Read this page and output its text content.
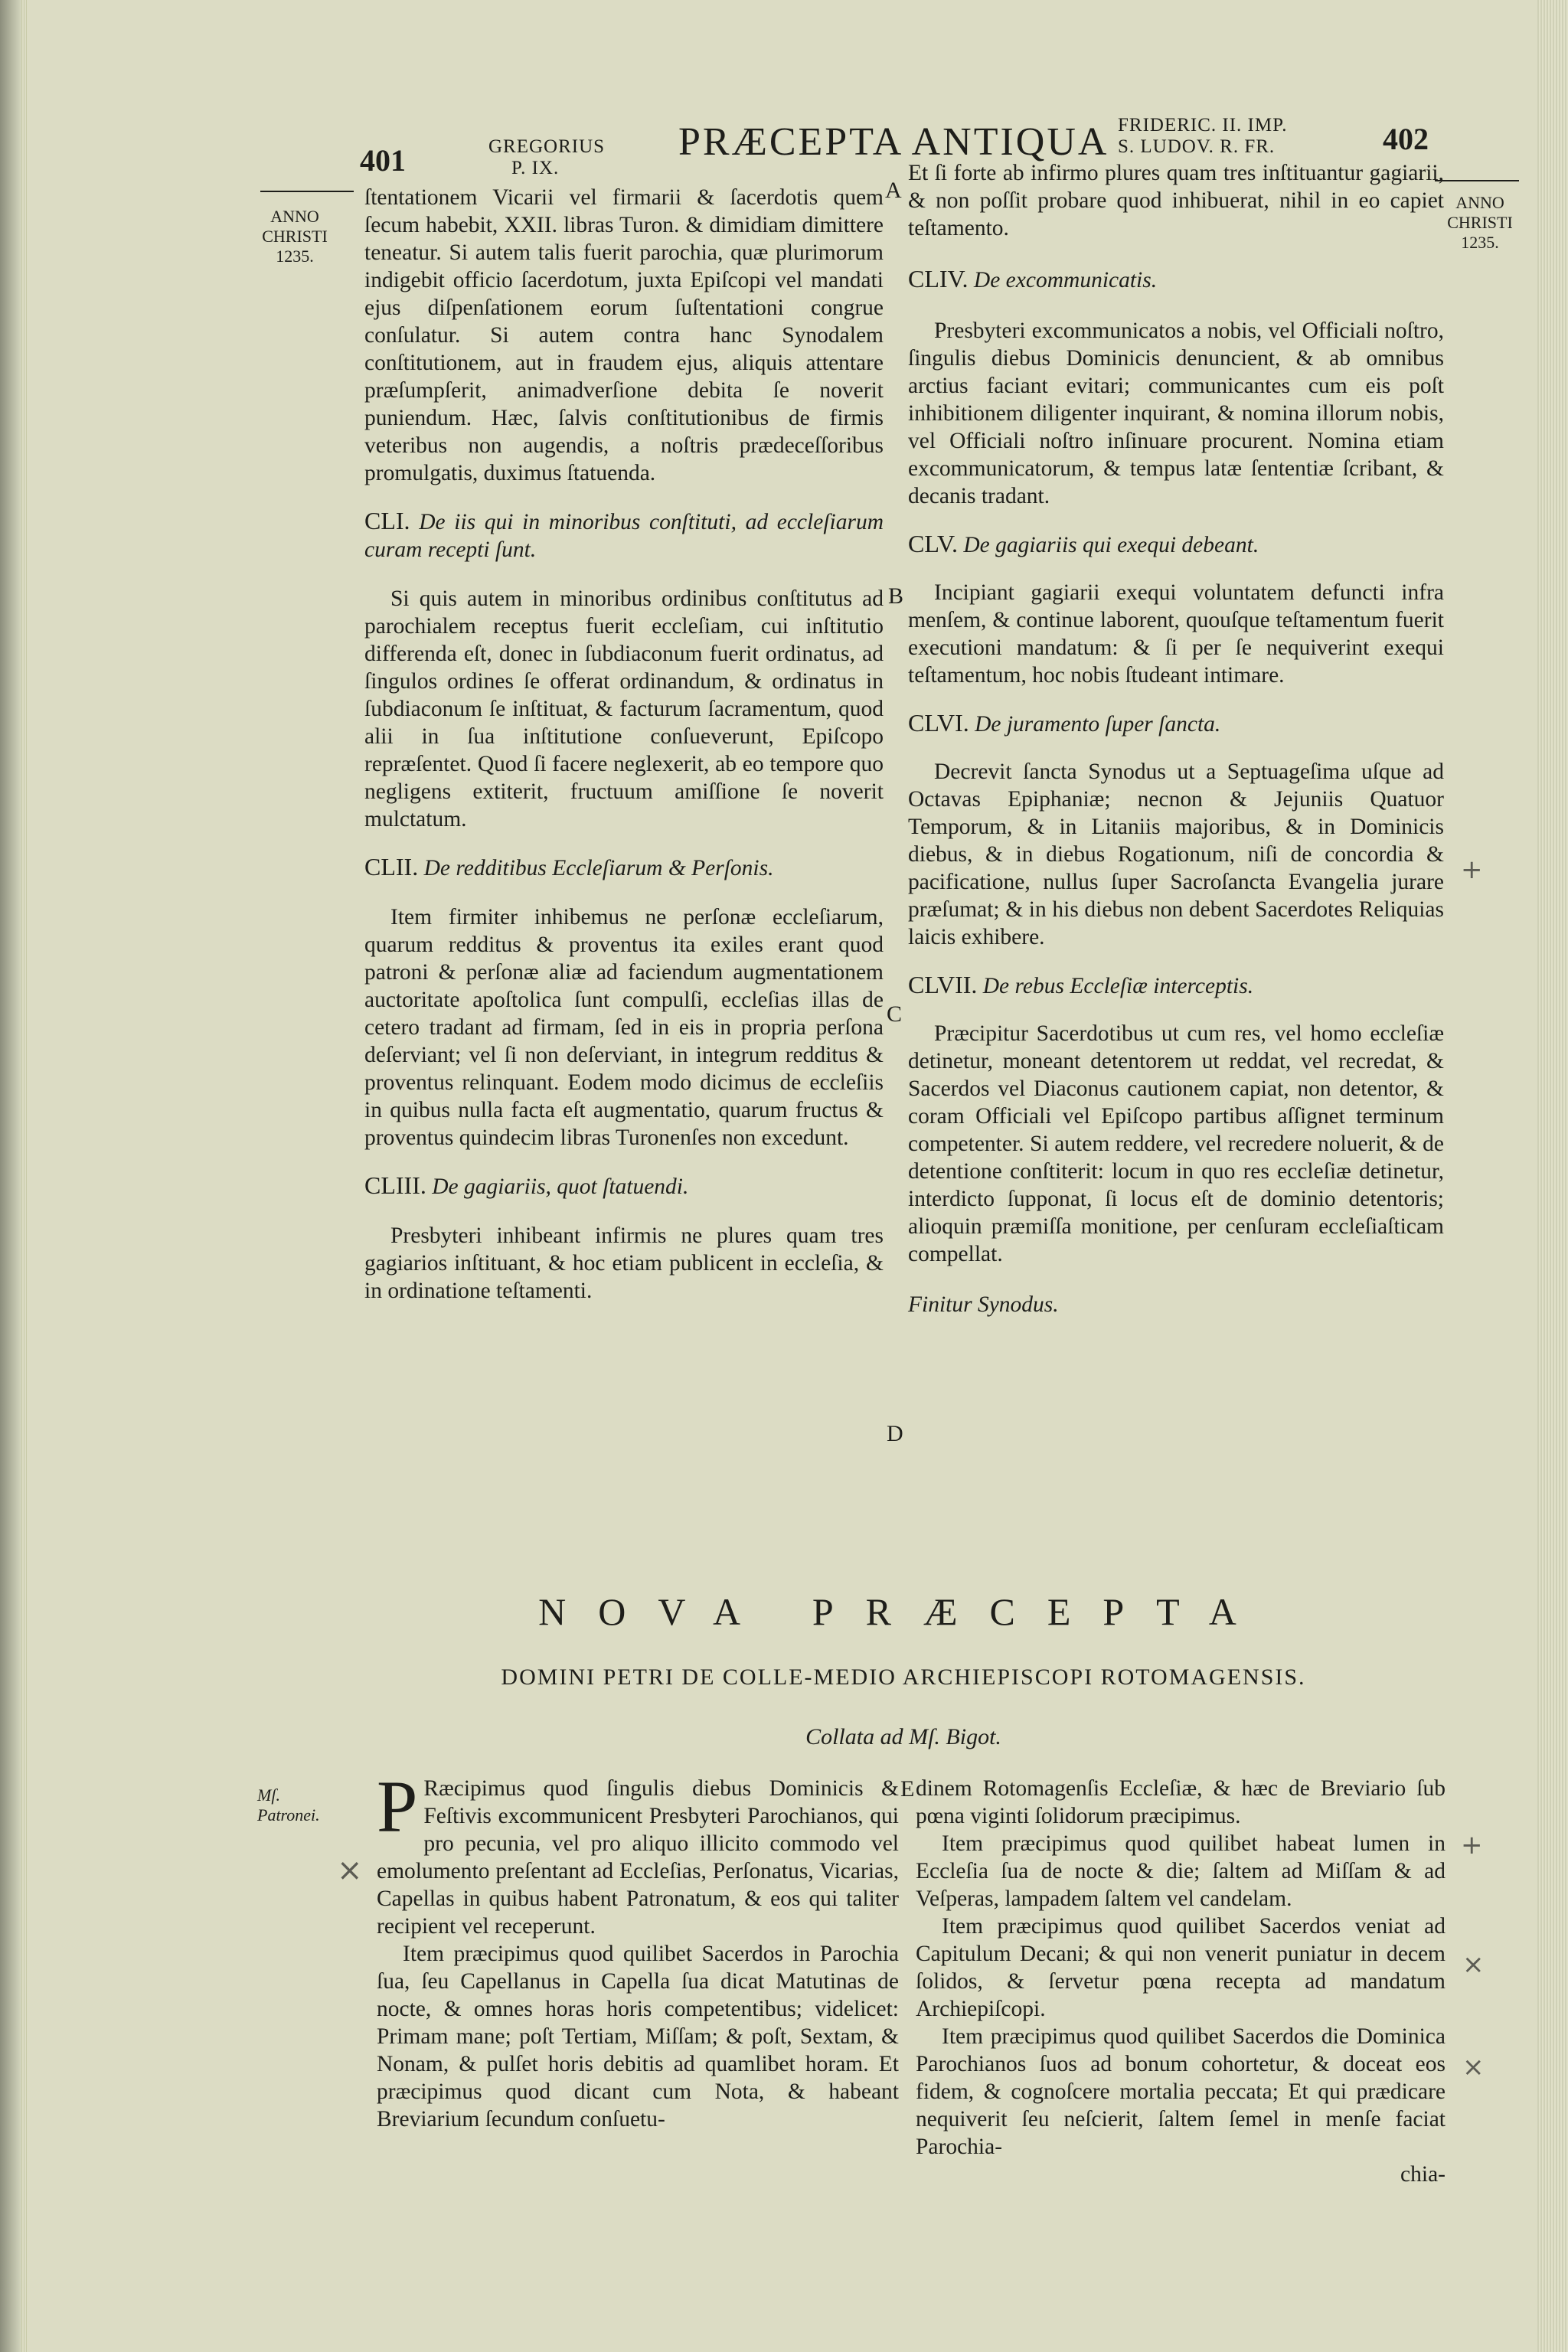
401	GREGORIUS
P. IX.
PRÆCEPTA ANTIQUA FRIDERIC. II. IMP.
S. LUDOV. R. FR.	402
ANNO
CHRISTI
1235.
ANNO
CHRISTI
1235.
A
B
C
D
E

ſtentationem Vicarii vel firmarii & ſacerdotis quem ſecum habebit, XXII. libras Turon. & dimidiam dimittere teneatur. Si autem talis fuerit parochia, quæ plurimorum indigebit officio ſacerdotum, juxta Epiſcopi vel mandati ejus diſpenſationem eorum ſuſtentationi congrue conſulatur. Si autem contra hanc Synodalem conſtitutionem, aut in fraudem ejus, aliquis attentare præſumpſerit, animadverſione debita ſe noverit puniendum. Hæc, ſalvis conſtitutionibus de firmis veteribus non augendis, a noſtris prædeceſſoribus promulgatis, duximus ſtatuenda.

CLI. De iis qui in minoribus conſtituti, ad eccleſiarum curam recepti ſunt.

Si quis autem in minoribus ordinibus conſtitutus ad parochialem receptus fuerit eccleſiam, cui inſtitutio differenda eſt, donec in ſubdiaconum fuerit ordinatus, ad ſingulos ordines ſe offerat ordinandum, & ordinatus in ſubdiaconum ſe inſtituat, & facturum ſacramentum, quod alii in ſua inſtitutione conſueverunt, Epiſcopo repræſentet. Quod ſi facere neglexerit, ab eo tempore quo negligens extiterit, fructuum amiſſione ſe noverit mulctatum.

CLII. De redditibus Eccleſiarum & Perſonis.

Item firmiter inhibemus ne perſonæ eccleſiarum, quarum redditus & proventus ita exiles erant quod patroni & perſonæ aliæ ad faciendum augmentationem auctoritate apoſtolica ſunt compulſi, eccleſias illas de cetero tradant ad firmam, ſed in eis in propria perſona deſerviant; vel ſi non deſerviant, in integrum redditus & proventus relinquant. Eodem modo dicimus de eccleſiis in quibus nulla facta eſt augmentatio, quarum fructus & proventus quindecim libras Turonenſes non excedunt.

CLIII. De gagiariis, quot ſtatuendi.

Presbyteri inhibeant infirmis ne plures quam tres gagiarios inſtituant, & hoc etiam publicent in eccleſia, & in ordinatione teſtamenti.

Et ſi forte ab infirmo plures quam tres inſtituantur gagiarii, & non poſſit probare quod inhibuerat, nihil in eo capiet teſtamento.

CLIV. De excommunicatis.

Presbyteri excommunicatos a nobis, vel Officiali noſtro, ſingulis diebus Dominicis denuncient, & ab omnibus arctius faciant evitari; communicantes cum eis poſt inhibitionem diligenter inquirant, & nomina illorum nobis, vel Officiali noſtro inſinuare procurent. Nomina etiam excommunicatorum, & tempus latæ ſententiæ ſcribant, & decanis tradant.

CLV. De gagiariis qui exequi debeant.

Incipiant gagiarii exequi voluntatem defuncti infra menſem, & continue laborent, quouſque teſtamentum fuerit executioni mandatum: & ſi per ſe nequiverint exequi teſtamentum, hoc nobis ſtudeant intimare.

CLVI. De juramento ſuper ſancta.

Decrevit ſancta Synodus ut a Septuageſima uſque ad Octavas Epiphaniæ; necnon & Jejuniis Quatuor Temporum, & in Litaniis majoribus, & in Dominicis diebus, & in diebus Rogationum, niſi de concordia & pacificatione, nullus ſuper Sacroſancta Evangelia jurare præſumat; & in his diebus non debent Sacerdotes Reliquias laicis exhibere.

CLVII. De rebus Eccleſiæ interceptis.

Præcipitur Sacerdotibus ut cum res, vel homo eccleſiæ detinetur, moneant detentorem ut reddat, vel recredat, & Sacerdos vel Diaconus cautionem capiat, non detentor, & coram Officiali vel Epiſcopo partibus aſſignet terminum competenter. Si autem reddere, vel recredere noluerit, & de detentione conſtiterit: locum in quo res eccleſiæ detinetur, interdicto ſupponat, ſi locus eſt de dominio detentoris; alioquin præmiſſa monitione, per cenſuram eccleſiaſticam compellat.

Finitur Synodus.

NOVA PRÆCEPTA
DOMINI PETRI DE COLLE-MEDIO ARCHIEPISCOPI ROTOMAGENSIS.
Collata ad Mſ. Bigot.
Mſ. Patronei. P Ræcipimus quod ſingulis diebus Dominicis & Feſtivis excommunicent Presbyteri Parochianos, qui pro pecunia, vel pro aliquo illicito commodo vel emolumento preſentant ad Eccleſias, Perſonatus, Vicarias, Capellas in quibus habent Patronatum, & eos qui taliter recipient vel receperunt.

Item præcipimus quod quilibet Sacerdos in Parochia ſua, ſeu Capellanus in Capella ſua dicat Matutinas de nocte, & omnes horas horis competentibus; videlicet: Primam mane; poſt Tertiam, Miſſam; & poſt, Sextam, & Nonam, & pulſet horis debitis ad quamlibet horam. Et præcipimus quod dicant cum Nota, & habeant Breviarium ſecundum conſuetu-

dinem Rotomagenſis Eccleſiæ, & hæc de Breviario ſub pœna viginti ſolidorum præcipimus.

Item præcipimus quod quilibet habeat lumen in Eccleſia ſua de nocte & die; ſaltem ad Miſſam & ad Veſperas, lampadem ſaltem vel candelam.

Item præcipimus quod quilibet Sacerdos veniat ad Capitulum Decani; & qui non venerit puniatur in decem ſolidos, & ſervetur pœna recepta ad mandatum Archiepiſcopi.

Item præcipimus quod quilibet Sacerdos die Dominica Parochianos ſuos ad bonum cohortetur, & doceat eos fidem, & cognoſcere mortalia peccata; Et qui prædicare nequiverit ſeu neſcierit, ſaltem ſemel in menſe faciat Parochia-

chia-

+
+
×
×
×
